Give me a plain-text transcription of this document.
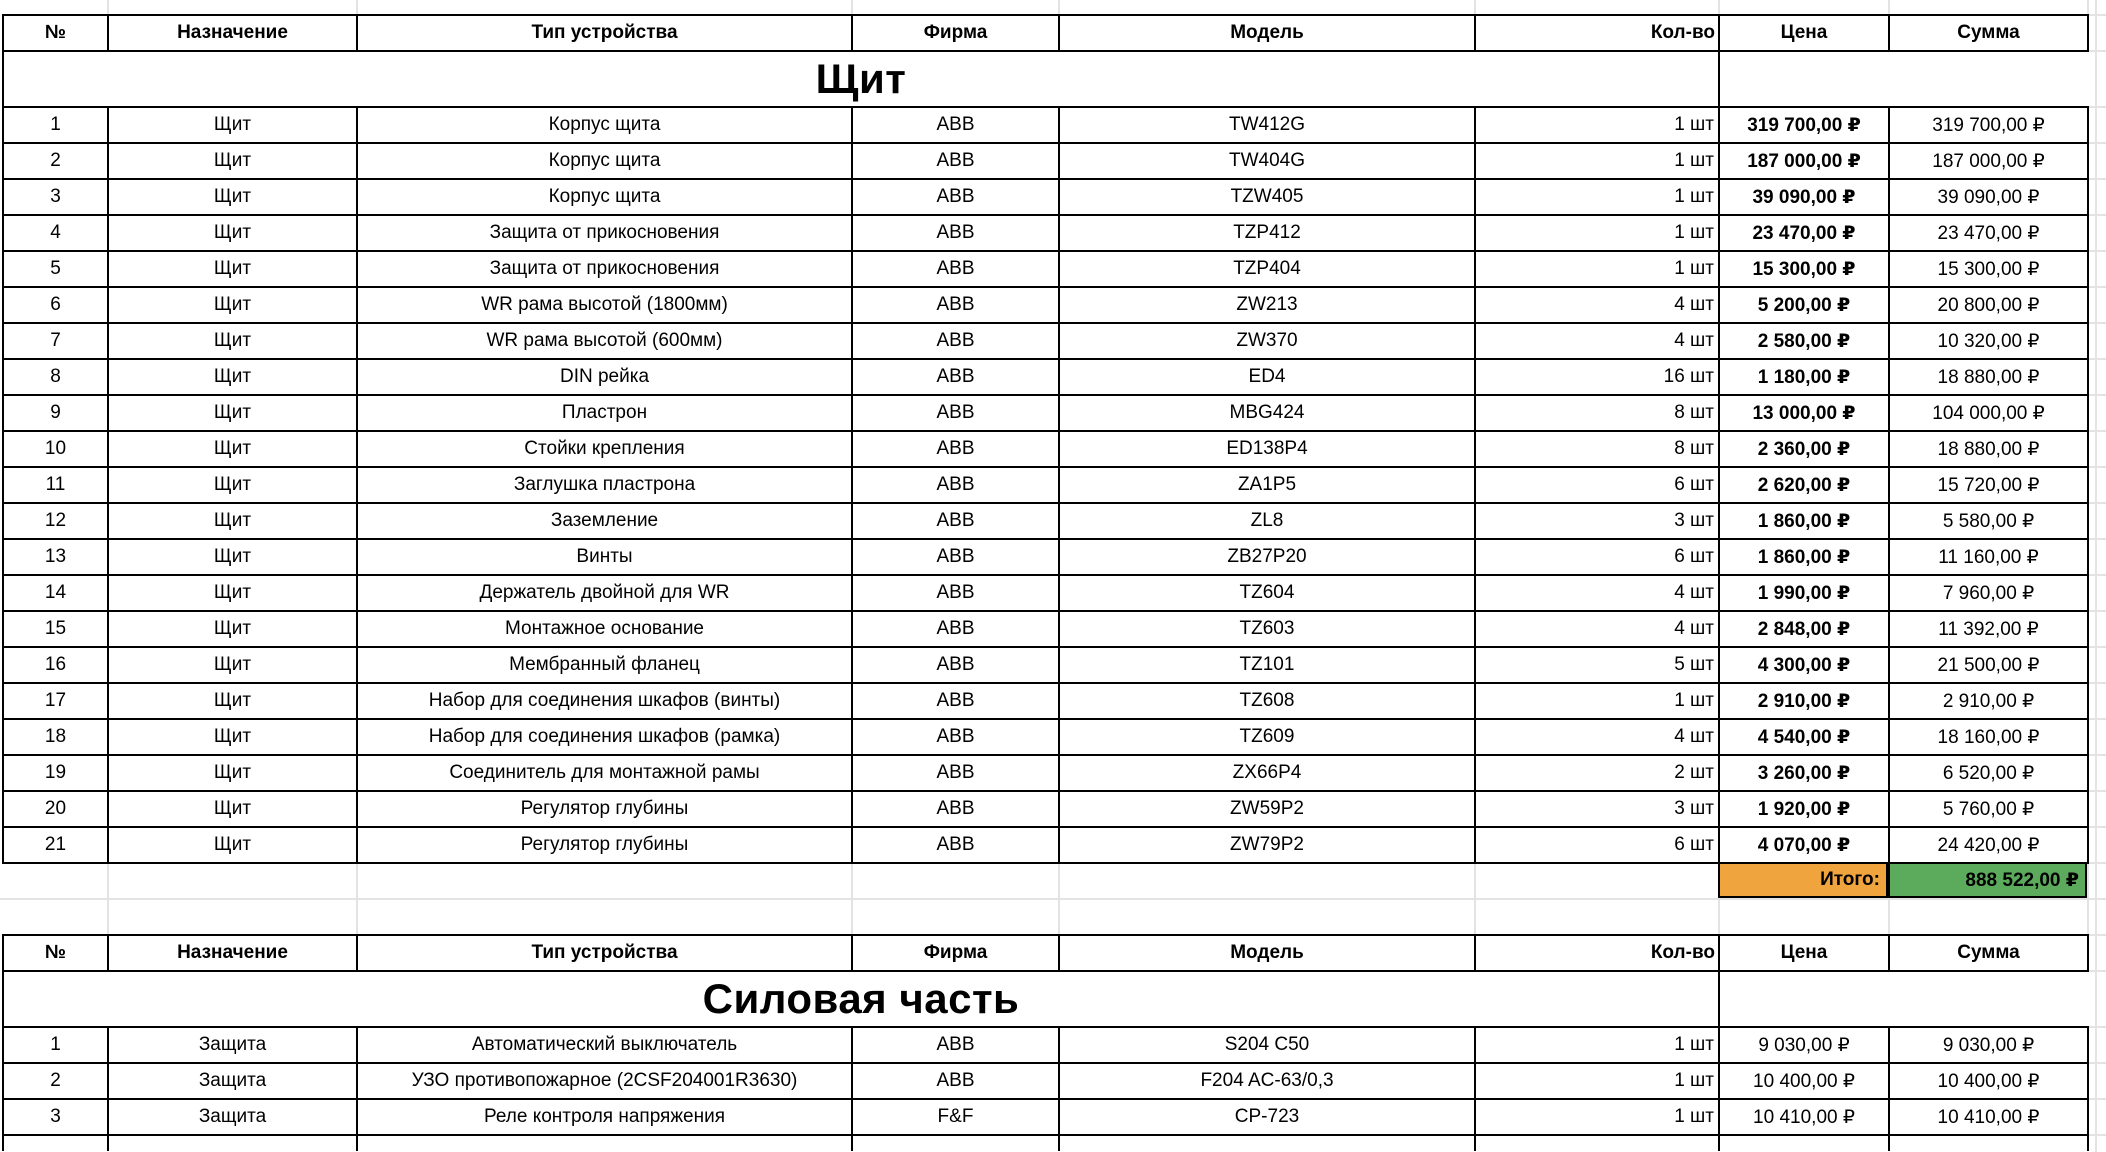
№	Назначение	Тип устройства	Фирма	Модель	Кол-во	Цена	Сумма
Щит							
1	Щит	Корпус щита	ABB	TW412G	1 шт	319 700,00 ₽	319 700,00 ₽
2	Щит	Корпус щита	ABB	TW404G	1 шт	187 000,00 ₽	187 000,00 ₽
3	Щит	Корпус щита	ABB	TZW405	1 шт	39 090,00 ₽	39 090,00 ₽
4	Щит	Защита от прикосновения	ABB	TZP412	1 шт	23 470,00 ₽	23 470,00 ₽
5	Щит	Защита от прикосновения	ABB	TZP404	1 шт	15 300,00 ₽	15 300,00 ₽
6	Щит	WR рама высотой (1800мм)	ABB	ZW213	4 шт	5 200,00 ₽	20 800,00 ₽
7	Щит	WR рама высотой (600мм)	ABB	ZW370	4 шт	2 580,00 ₽	10 320,00 ₽
8	Щит	DIN рейка	ABB	ED4	16 шт	1 180,00 ₽	18 880,00 ₽
9	Щит	Пластрон	ABB	MBG424	8 шт	13 000,00 ₽	104 000,00 ₽
10	Щит	Стойки крепления	ABB	ED138P4	8 шт	2 360,00 ₽	18 880,00 ₽
11	Щит	Заглушка пластрона	ABB	ZA1P5	6 шт	2 620,00 ₽	15 720,00 ₽
12	Щит	Заземление	ABB	ZL8	3 шт	1 860,00 ₽	5 580,00 ₽
13	Щит	Винты	ABB	ZB27P20	6 шт	1 860,00 ₽	11 160,00 ₽
14	Щит	Держатель двойной для WR	ABB	TZ604	4 шт	1 990,00 ₽	7 960,00 ₽
15	Щит	Монтажное основание	ABB	TZ603	4 шт	2 848,00 ₽	11 392,00 ₽
16	Щит	Мембранный фланец	ABB	TZ101	5 шт	4 300,00 ₽	21 500,00 ₽
17	Щит	Набор для соединения шкафов (винты)	ABB	TZ608	1 шт	2 910,00 ₽	2 910,00 ₽
18	Щит	Набор для соединения шкафов (рамка)	ABB	TZ609	4 шт	4 540,00 ₽	18 160,00 ₽
19	Щит	Соединитель для монтажной рамы	ABB	ZX66P4	2 шт	3 260,00 ₽	6 520,00 ₽
20	Щит	Регулятор глубины	ABB	ZW59P2	3 шт	1 920,00 ₽	5 760,00 ₽
21	Щит	Регулятор глубины	ABB	ZW79P2	6 шт	4 070,00 ₽	24 420,00 ₽
Итого:	888 522,00 ₽
№	Назначение	Тип устройства	Фирма	Модель	Кол-во	Цена	Сумма
Силовая часть							
1	Защита	Автоматический выключатель	ABB	S204 C50	1 шт	9 030,00 ₽	9 030,00 ₽
2	Защита	УЗО противопожарное (2CSF204001R3630)	ABB	F204 AC-63/0,3	1 шт	10 400,00 ₽	10 400,00 ₽
3	Защита	Реле контроля напряжения	F&F	CP-723	1 шт	10 410,00 ₽	10 410,00 ₽
